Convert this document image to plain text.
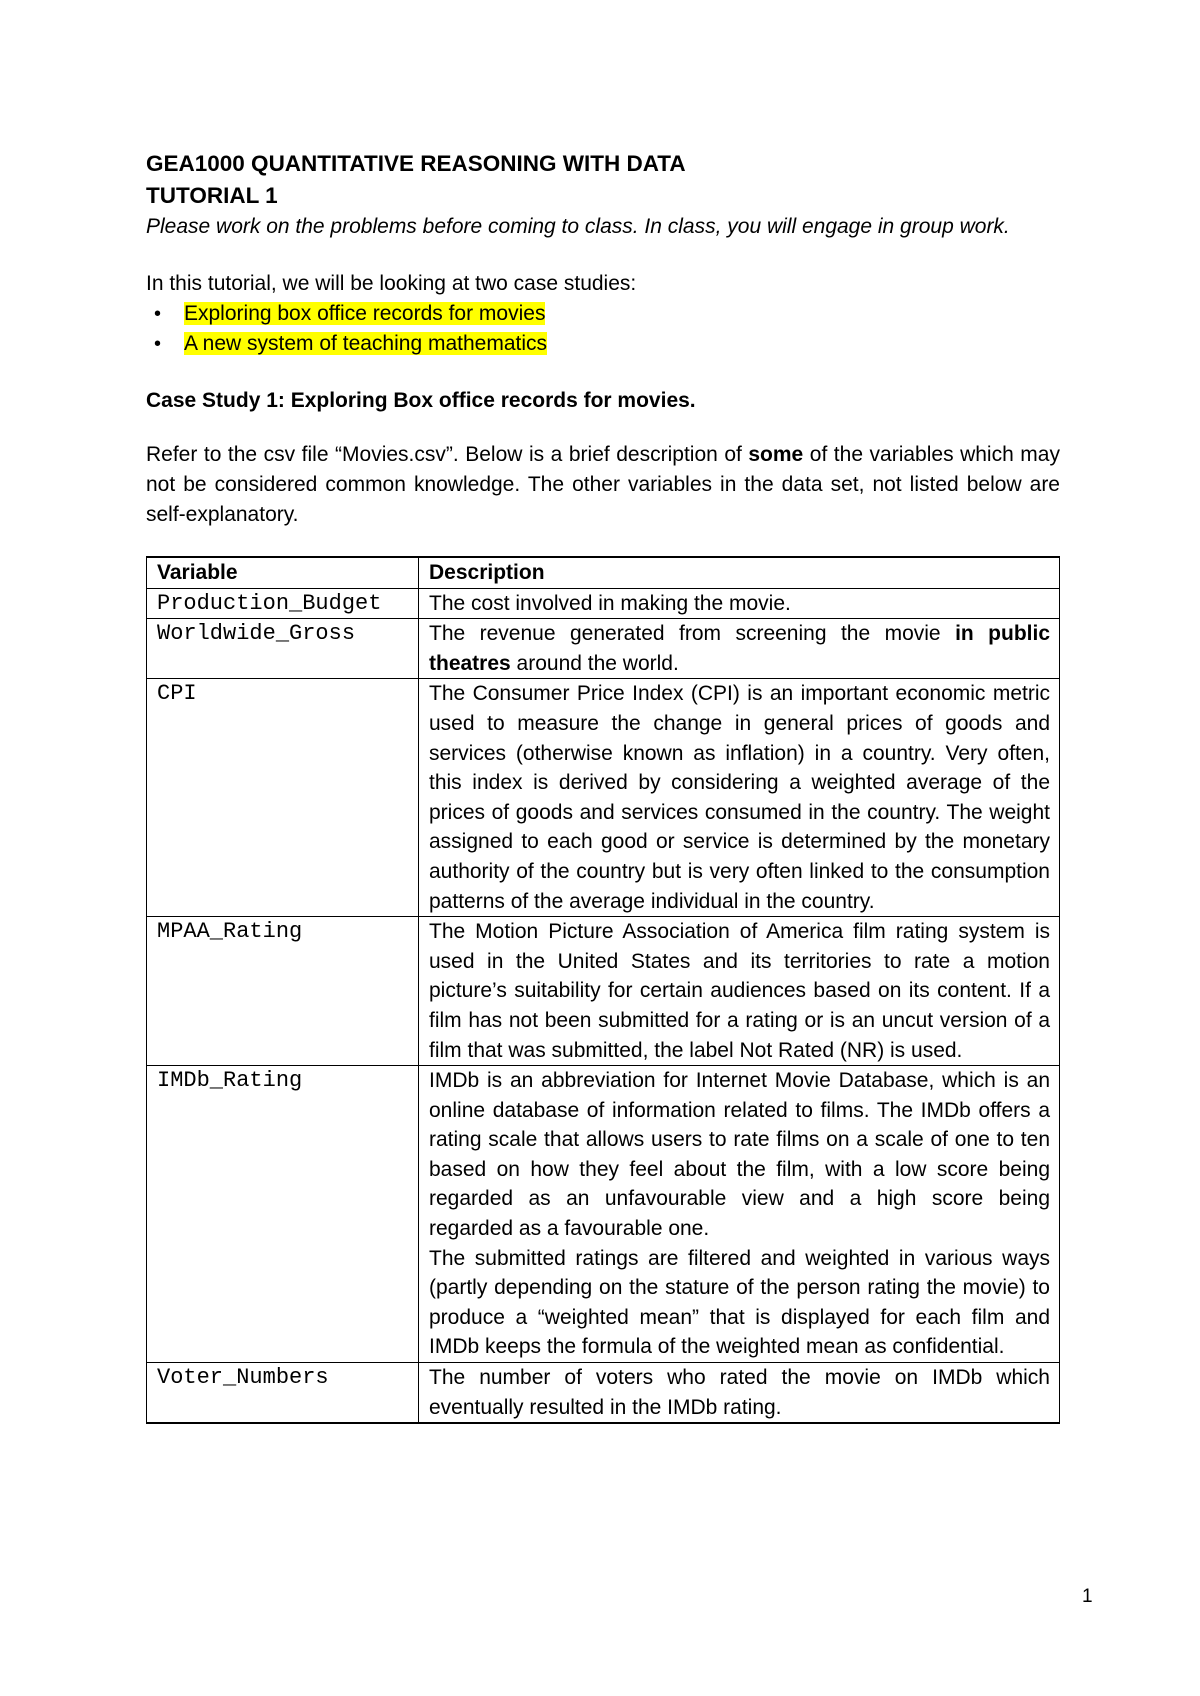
GEA1000 QUANTITATIVE REASONING WITH DATA
TUTORIAL 1

Please work on the problems before coming to class. In class, you will engage in group work.

In this tutorial, we will be looking at two case studies:

• Exploring box office records for movies
• A new system of teaching mathematics

Case Study 1: Exploring Box office records for movies.

Refer to the csv file “Movies.csv”. Below is a brief description of some of the variables which may not be considered common knowledge. The other variables in the data set, not listed below are self-explanatory.

Variable	Description
Production_Budget	The cost involved in making the movie.
Worldwide_Gross	The revenue generated from screening the movie in public theatres around the world.
CPI	The Consumer Price Index (CPI) is an important economic metric used to measure the change in general prices of goods and services (otherwise known as inflation) in a country. Very often, this index is derived by considering a weighted average of the prices of goods and services consumed in the country. The weight assigned to each good or service is determined by the monetary authority of the country but is very often linked to the consumption patterns of the average individual in the country.
MPAA_Rating	The Motion Picture Association of America film rating system is used in the United States and its territories to rate a motion picture’s suitability for certain audiences based on its content. If a film has not been submitted for a rating or is an uncut version of a film that was submitted, the label Not Rated (NR) is used.
IMDb_Rating	IMDb is an abbreviation for Internet Movie Database, which is an online database of information related to films. The IMDb offers a rating scale that allows users to rate films on a scale of one to ten based on how they feel about the film, with a low score being regarded as an unfavourable view and a high score being regarded as a favourable one.
The submitted ratings are filtered and weighted in various ways (partly depending on the stature of the person rating the movie) to produce a “weighted mean” that is displayed for each film and IMDb keeps the formula of the weighted mean as confidential.

Voter_Numbers	The number of voters who rated the movie on IMDb which eventually resulted in the IMDb rating.
1
